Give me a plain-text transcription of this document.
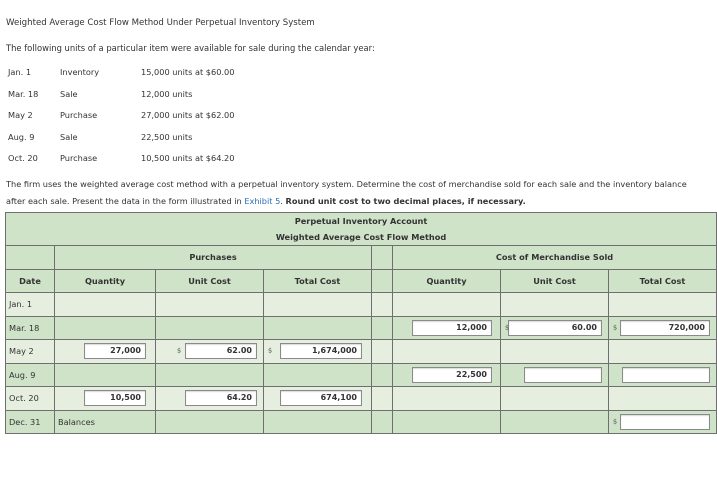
Weighted Average Cost Flow Method Under Perpetual Inventory System
The following units of a particular item were available for sale during the calendar year:
Jan. 1	Inventory	15,000 units at $60.00
Mar. 18	Sale	12,000 units
May 2	Purchase	27,000 units at $62.00
Aug. 9	Sale	22,500 units
Oct. 20	Purchase	10,500 units at $64.20
The firm uses the weighted average cost method with a perpetual inventory system. Determine the cost of merchandise sold for each sale and the inventory balance after each sale. Present the data in the form illustrated in Exhibit 5. Round unit cost to two decimal places, if necessary.
Perpetual Inventory Account
Weighted Average Cost Flow Method							

	Purchases				Cost of Merchandise Sold		
Date	Quantity	Unit Cost	Total Cost		Quantity	Unit Cost	Total Cost
Jan. 1							
Mar. 18					12,000	$ 60.00	$ 720,000

May 2	27,000	$ 62.00	$ 1,674,000				

Aug. 9					22,500		

Oct. 20	10,500	64.20	674,100				

Dec. 31	Balances						$
